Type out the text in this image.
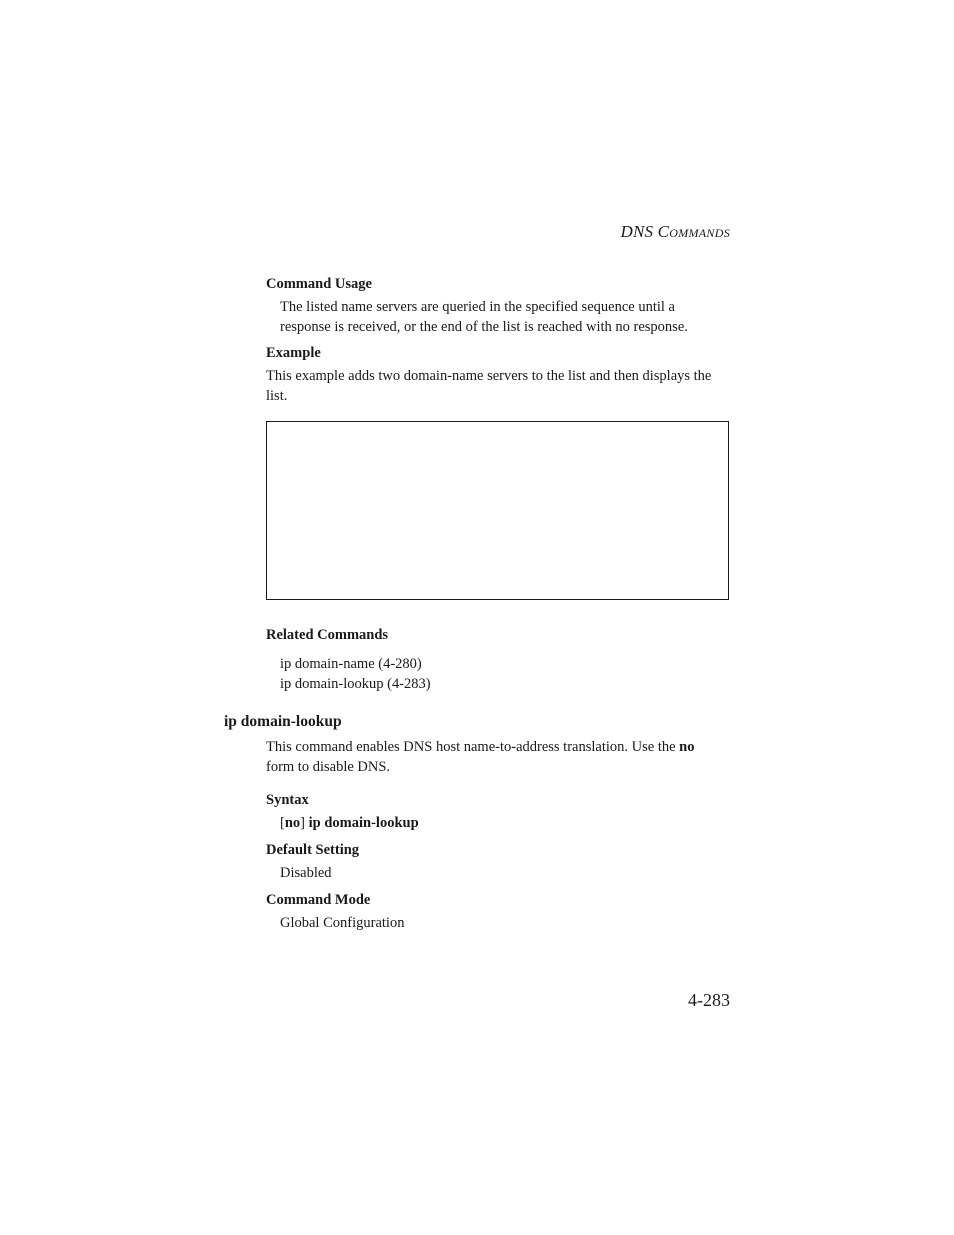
DNS COMMANDS
Command Usage
The listed name servers are queried in the specified sequence until a
response is received, or the end of the list is reached with no response.
Example
This example adds two domain-name servers to the list and then displays the
list.
Related Commands
ip domain-name (4-280)
ip domain-lookup (4-283)
ip domain-lookup
This command enables DNS host name-to-address translation. Use the no
form to disable DNS.
Syntax
[no] ip domain-lookup
Default Setting
Disabled
Command Mode
Global Configuration
4-283
